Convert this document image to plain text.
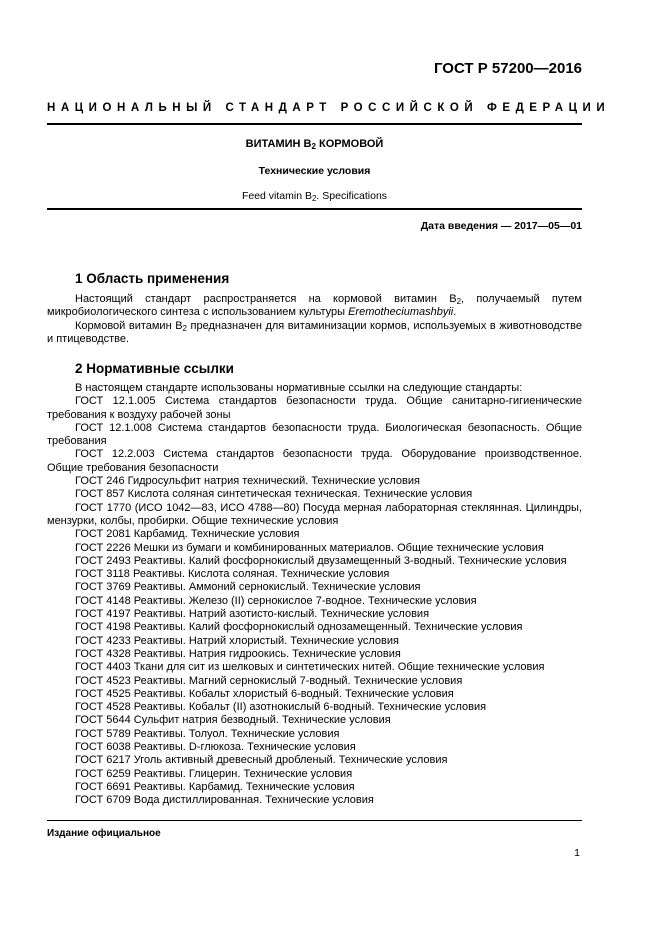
ГОСТ Р 57200—2016
НАЦИОНАЛЬНЫЙ СТАНДАРТ РОССИЙСКОЙ ФЕДЕРАЦИИ
ВИТАМИН $В_2$ КОРМОВОЙ
Технические условия
Feed vitamin $B_2$. Specifications
Дата введения — 2017—05—01
1 Область применения

Настоящий стандарт распространяется на кормовой витамин $В_2$, получаемый путем микробиологического синтеза с использованием культуры Eremotheciumashbyii.

Кормовой витамин $В_2$ предназначен для витаминизации кормов, используемых в животноводстве и птицеводстве.

2 Нормативные ссылки

В настоящем стандарте использованы нормативные ссылки на следующие стандарты:

ГОСТ 12.1.005 Система стандартов безопасности труда. Общие санитарно-гигиенические требования к воздуху рабочей зоны

ГОСТ 12.1.008 Система стандартов безопасности труда. Биологическая безопасность. Общие требования

ГОСТ 12.2.003 Система стандартов безопасности труда. Оборудование производственное. Общие требования безопасности

ГОСТ 246 Гидросульфит натрия технический. Технические условия

ГОСТ 857 Кислота соляная синтетическая техническая. Технические условия

ГОСТ 1770 (ИСО 1042—83, ИСО 4788—80) Посуда мерная лабораторная стеклянная. Цилиндры, мензурки, колбы, пробирки. Общие технические условия

ГОСТ 2081 Карбамид. Технические условия

ГОСТ 2226 Мешки из бумаги и комбинированных материалов. Общие технические условия

ГОСТ 2493 Реактивы. Калий фосфорнокислый двузамещенный 3-водный. Технические условия

ГОСТ 3118 Реактивы. Кислота соляная. Технические условия

ГОСТ 3769 Реактивы. Аммоний сернокислый. Технические условия

ГОСТ 4148 Реактивы. Железо (II) сернокислое 7-водное. Технические условия

ГОСТ 4197 Реактивы. Натрий азотисто-кислый. Технические условия

ГОСТ 4198 Реактивы. Калий фосфорнокислый однозамещенный. Технические условия

ГОСТ 4233 Реактивы. Натрий хлористый. Технические условия

ГОСТ 4328 Реактивы. Натрия гидроокись. Технические условия

ГОСТ 4403 Ткани для сит из шелковых и синтетических нитей. Общие технические условия

ГОСТ 4523 Реактивы. Магний сернокислый 7-водный. Технические условия

ГОСТ 4525 Реактивы. Кобальт хлористый 6-водный. Технические условия

ГОСТ 4528 Реактивы. Кобальт (II) азотнокислый 6-водный. Технические условия

ГОСТ 5644 Сульфит натрия безводный. Технические условия

ГОСТ 5789 Реактивы. Толуол. Технические условия

ГОСТ 6038 Реактивы. D-глюкоза. Технические условия

ГОСТ 6217 Уголь активный древесный дробленый. Технические условия

ГОСТ 6259 Реактивы. Глицерин. Технические условия

ГОСТ 6691 Реактивы. Карбамид. Технические условия

ГОСТ 6709 Вода дистиллированная. Технические условия

Издание официальное
1
